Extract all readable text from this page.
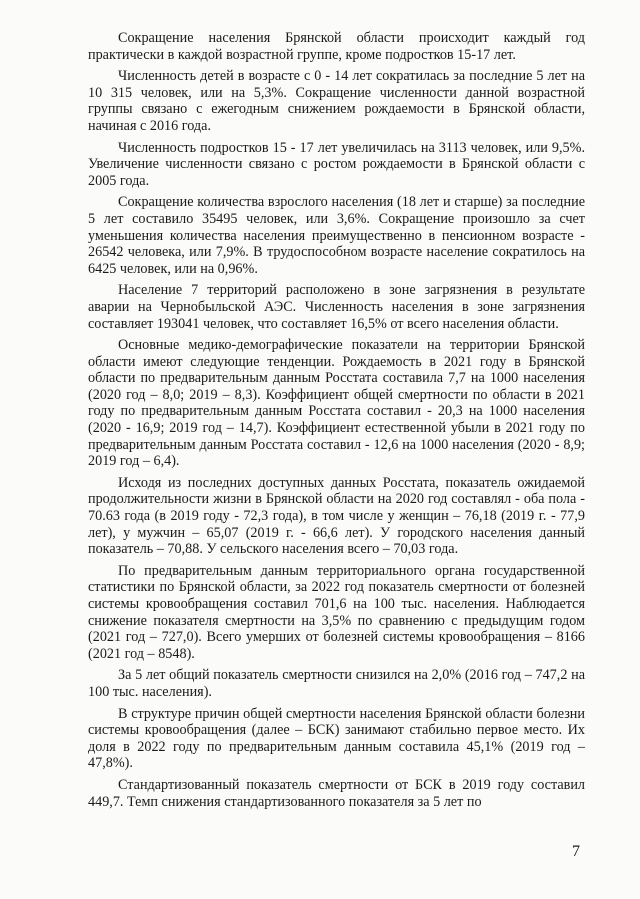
Сокращение населения Брянской области происходит каждый год практически в каждой возрастной группе, кроме подростков 15-17 лет.

Численность детей в возрасте с 0 - 14 лет сократилась за последние 5 лет на 10 315 человек, или на 5,3%. Сокращение численности данной возрастной группы связано с ежегодным снижением рождаемости в Брянской области, начиная с 2016 года.

Численность подростков 15 - 17 лет увеличилась на 3113 человек, или 9,5%. Увеличение численности связано с ростом рождаемости в Брянской области с 2005 года.

Сокращение количества взрослого населения (18 лет и старше) за последние 5 лет составило 35495 человек, или 3,6%. Сокращение произошло за счет уменьшения количества населения преимущественно в пенсионном возрасте - 26542 человека, или 7,9%. В трудоспособном возрасте население сократилось на 6425 человек, или на 0,96%.

Население 7 территорий расположено в зоне загрязнения в результате аварии на Чернобыльской АЭС. Численность населения в зоне загрязнения составляет 193041 человек, что составляет 16,5% от всего населения области.

Основные медико-демографические показатели на территории Брянской области имеют следующие тенденции. Рождаемость в 2021 году в Брянской области по предварительным данным Росстата составила 7,7 на 1000 населения (2020 год – 8,0; 2019 – 8,3). Коэффициент общей смертности по области в 2021 году по предварительным данным Росстата составил - 20,3 на 1000 населения (2020 - 16,9; 2019 год – 14,7). Коэффициент естественной убыли в 2021 году по предварительным данным Росстата составил - 12,6 на 1000 населения (2020 - 8,9; 2019 год – 6,4).

Исходя из последних доступных данных Росстата, показатель ожидаемой продолжительности жизни в Брянской области на 2020 год составлял - оба пола - 70.63 года (в 2019 году - 72,3 года), в том числе у женщин – 76,18 (2019 г. - 77,9 лет), у мужчин – 65,07 (2019 г. - 66,6 лет). У городского населения данный показатель – 70,88. У сельского населения всего – 70,03 года.

По предварительным данным территориального органа государственной статистики по Брянской области, за 2022 год показатель смертности от болезней системы кровообращения составил 701,6 на 100 тыс. населения. Наблюдается снижение показателя смертности на 3,5% по сравнению с предыдущим годом (2021 год – 727,0). Всего умерших от болезней системы кровообращения – 8166 (2021 год – 8548).

За 5 лет общий показатель смертности снизился на 2,0% (2016 год – 747,2 на 100 тыс. населения).

В структуре причин общей смертности населения Брянской области болезни системы кровообращения (далее – БСК) занимают стабильно первое место. Их доля в 2022 году по предварительным данным составила 45,1% (2019 год – 47,8%).

Стандартизованный показатель смертности от БСК в 2019 году составил 449,7. Темп снижения стандартизованного показателя за 5 лет по

7
